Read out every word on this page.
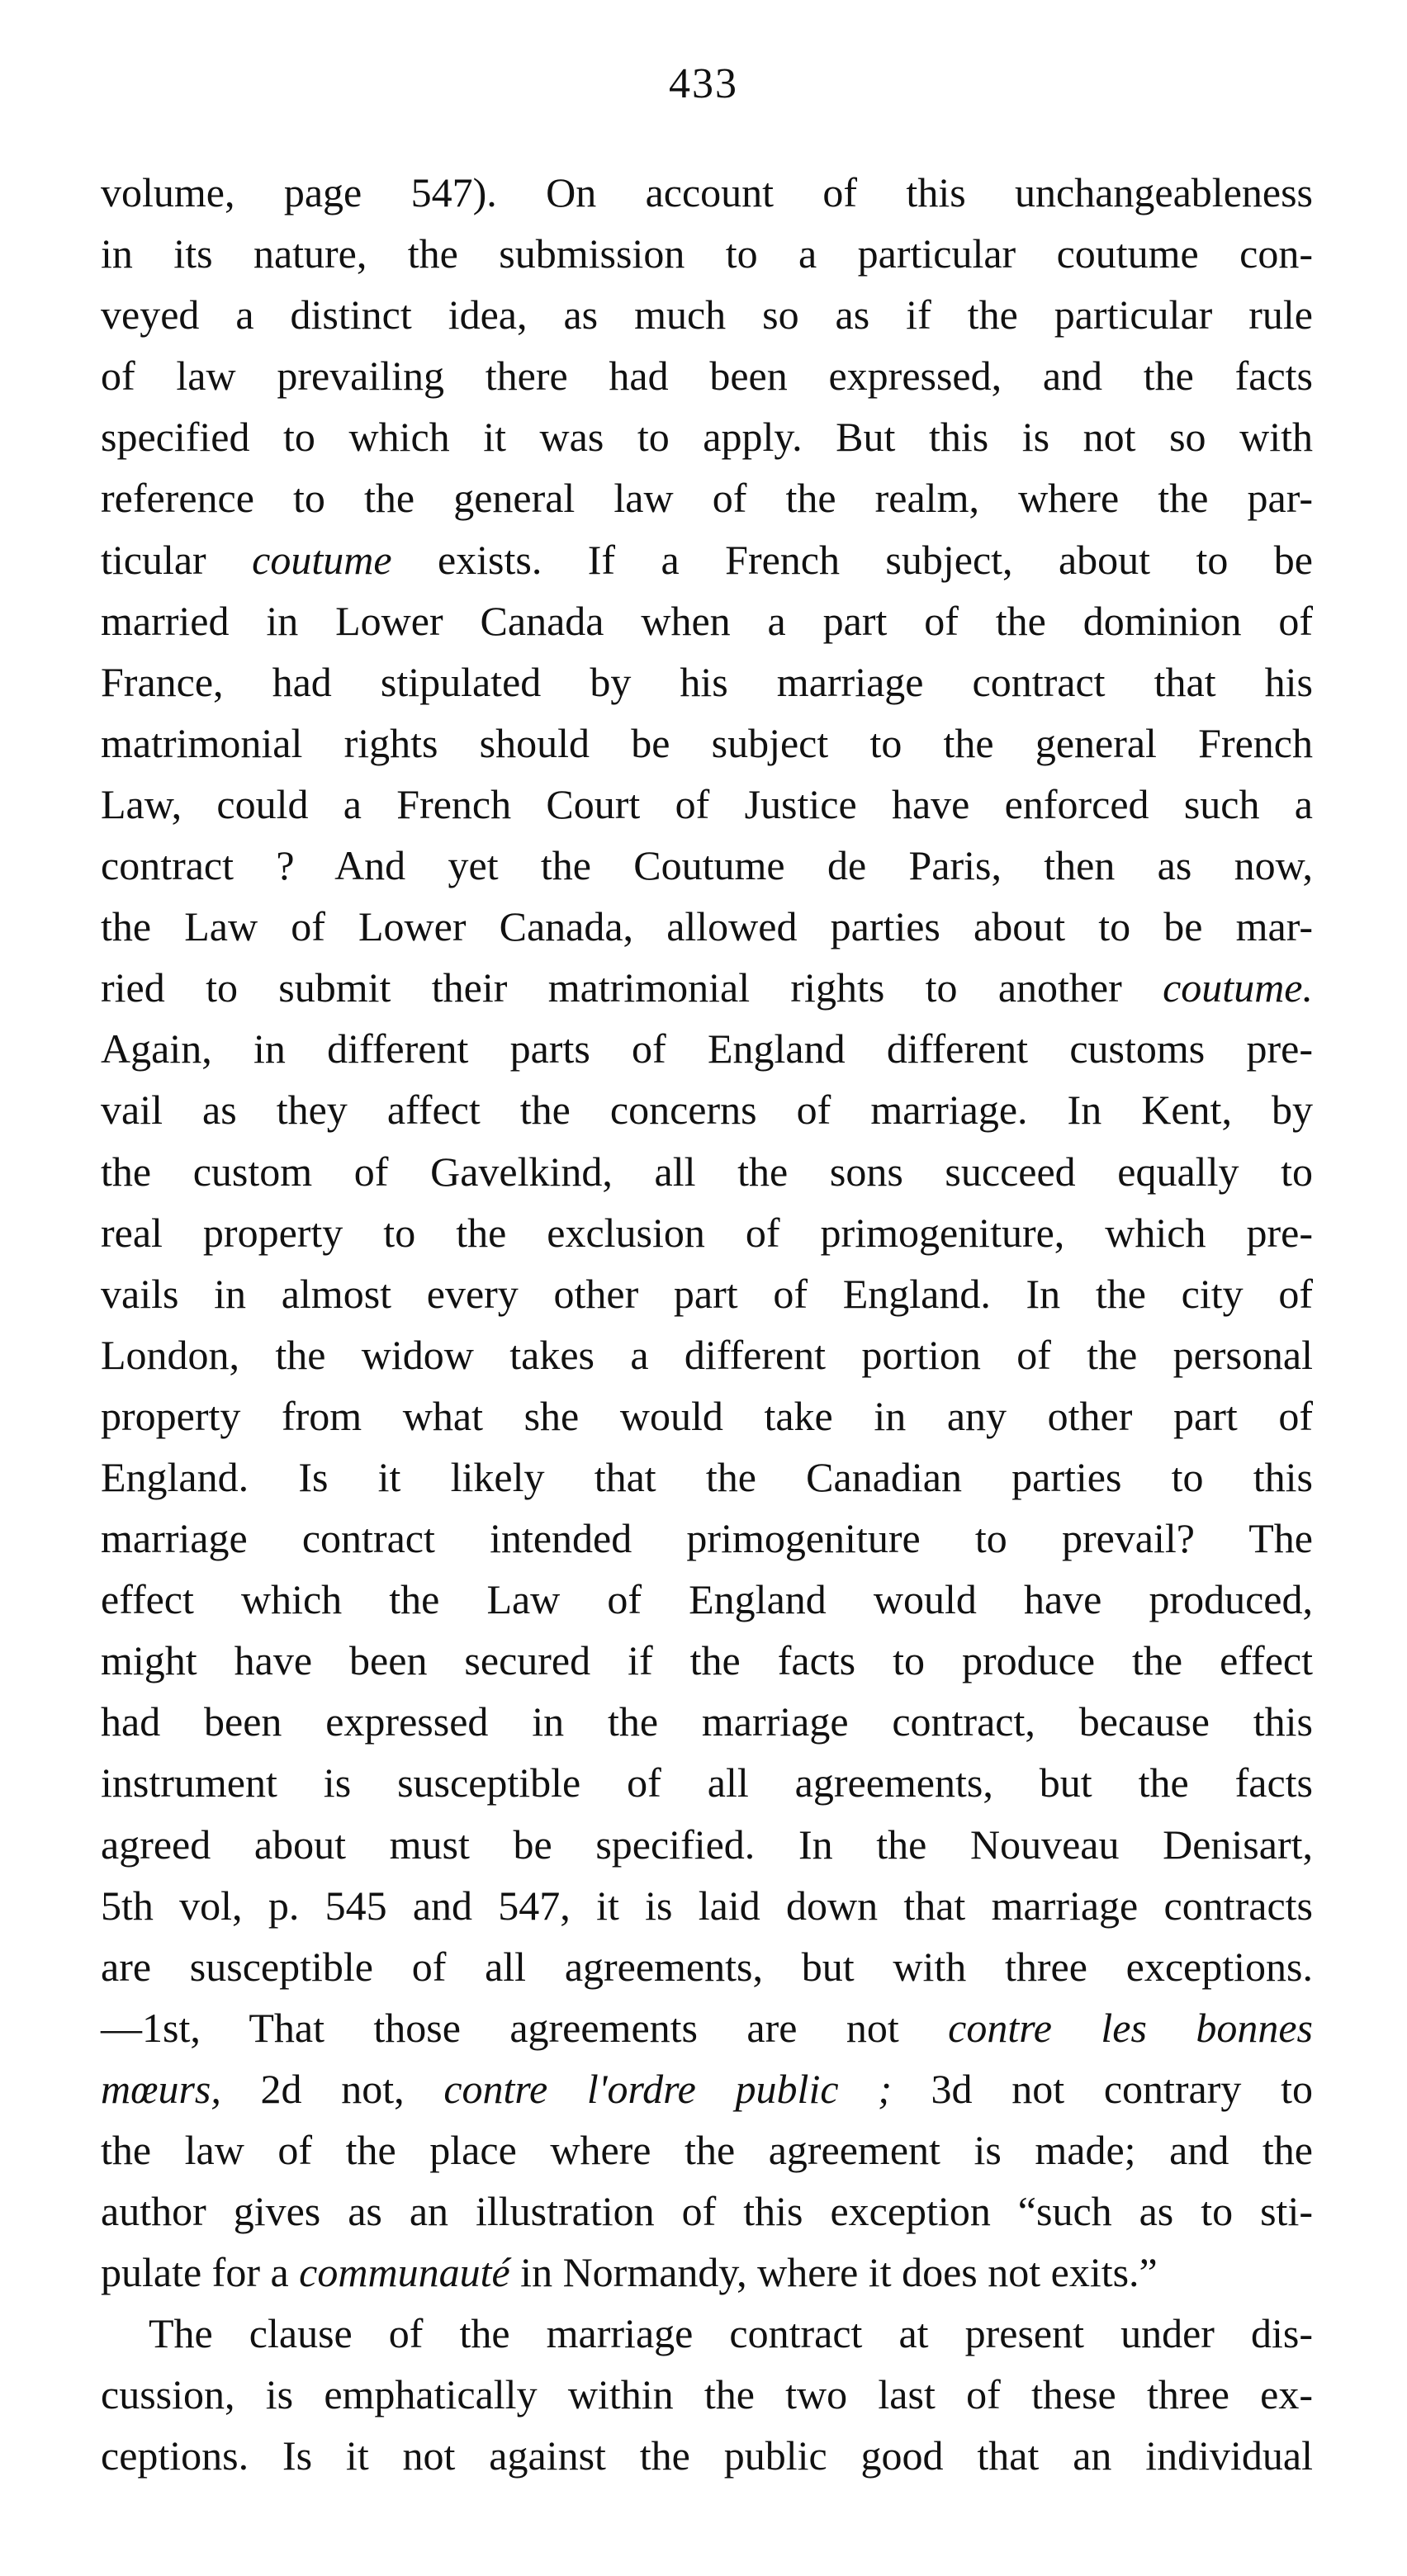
433
volume, page 547). On account of this unchangeableness
in its nature, the submission to a particular coutume con-
veyed a distinct idea, as much so as if the particular rule
of law prevailing there had been expressed, and the facts
specified to which it was to apply. But this is not so with
reference to the general law of the realm, where the par-
ticular coutume exists. If a French subject, about to be
married in Lower Canada when a part of the dominion of
France, had stipulated by his marriage contract that his
matrimonial rights should be subject to the general French
Law, could a French Court of Justice have enforced such a
contract ? And yet the Coutume de Paris, then as now,
the Law of Lower Canada, allowed parties about to be mar-
ried to submit their matrimonial rights to another coutume.
Again, in different parts of England different customs pre-
vail as they affect the concerns of marriage. In Kent, by
the custom of Gavelkind, all the sons succeed equally to
real property to the exclusion of primogeniture, which pre-
vails in almost every other part of England. In the city of
London, the widow takes a different portion of the personal
property from what she would take in any other part of
England. Is it likely that the Canadian parties to this
marriage contract intended primogeniture to prevail? The
effect which the Law of England would have produced,
might have been secured if the facts to produce the effect
had been expressed in the marriage contract, because this
instrument is susceptible of all agreements, but the facts
agreed about must be specified. In the Nouveau Denisart,
5th vol, p. 545 and 547, it is laid down that marriage contracts
are susceptible of all agreements, but with three exceptions.
—1st, That those agreements are not contre les bonnes
mœurs, 2d not, contre l'ordre public ; 3d not contrary to
the law of the place where the agreement is made; and the
author gives as an illustration of this exception “such as to sti-
pulate for a communauté in Normandy, where it does not exits.”
The clause of the marriage contract at present under dis-
cussion, is emphatically within the two last of these three ex-
ceptions. Is it not against the public good that an individual
